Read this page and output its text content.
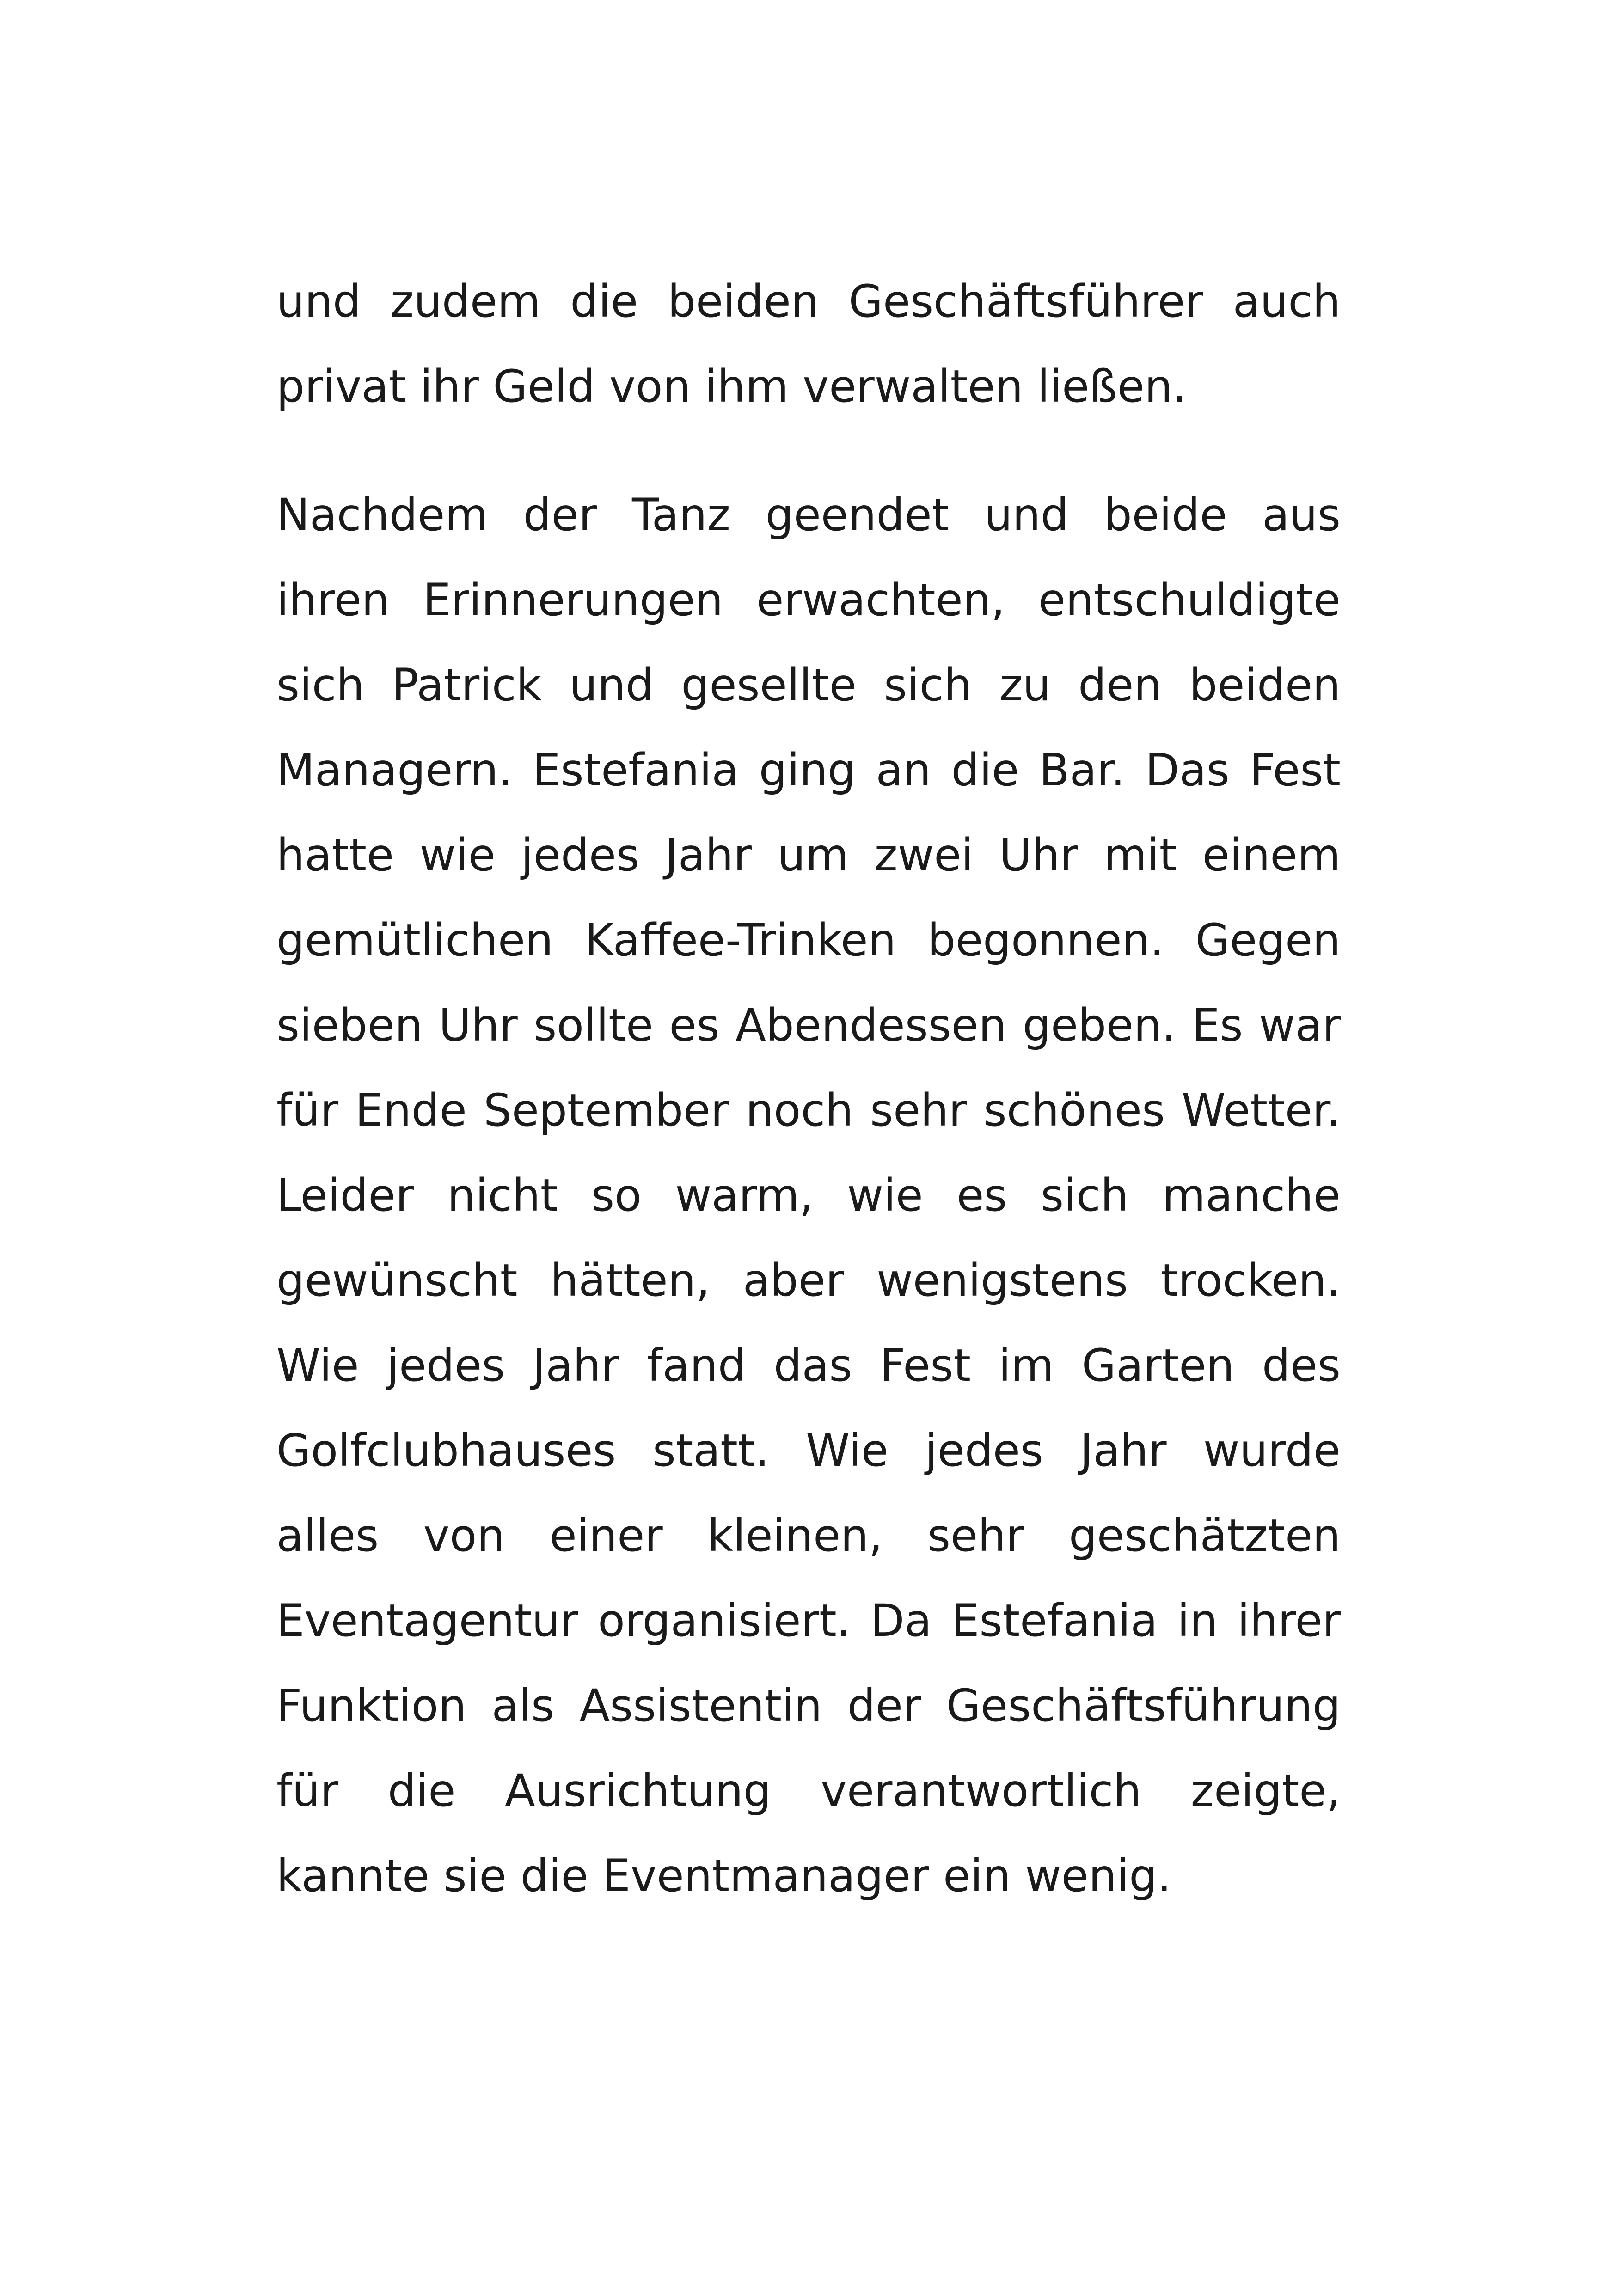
und zudem die beiden Geschäftsführer auch privat ihr Geld von ihm verwalten ließen.

Nachdem der Tanz geendet und beide aus ihren Erinnerungen erwachten, entschuldigte sich Patrick und gesellte sich zu den beiden Managern. Estefania ging an die Bar. Das Fest hatte wie jedes Jahr um zwei Uhr mit einem gemütlichen Kaffee-Trinken begonnen. Gegen sieben Uhr sollte es Abendessen geben. Es war für Ende September noch sehr schönes Wetter. Leider nicht so warm, wie es sich manche gewünscht hätten, aber wenigstens trocken. Wie jedes Jahr fand das Fest im Garten des Golfclubhauses statt. Wie jedes Jahr wurde alles von einer kleinen, sehr geschätzten Eventagentur organisiert. Da Estefania in ihrer Funktion als Assistentin der Geschäftsführung für die Ausrichtung verantwortlich zeigte, kannte sie die Eventmanager ein wenig.
